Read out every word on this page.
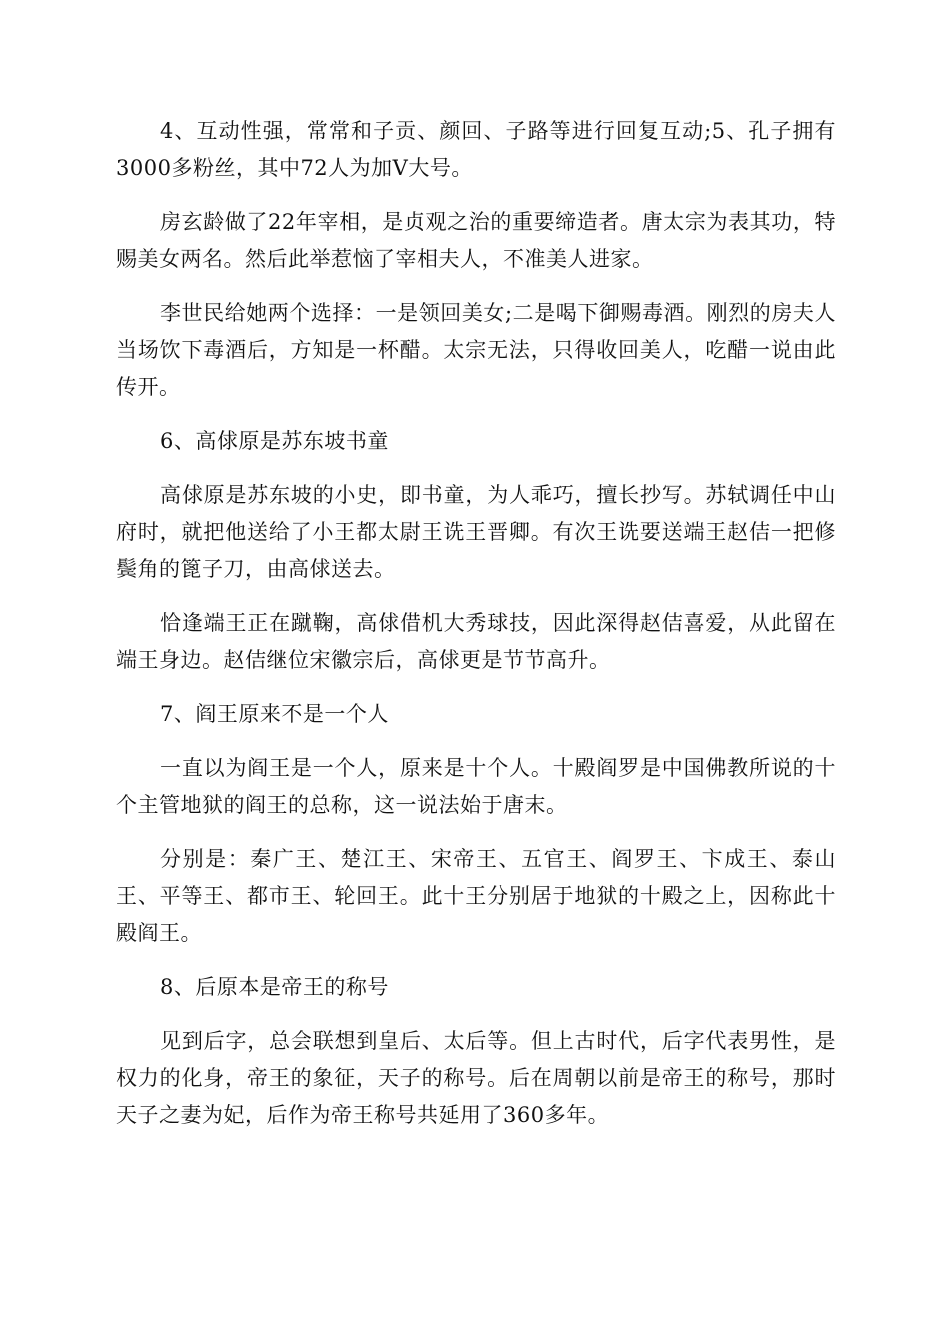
4、互动性强，常常和子贡、颜回、子路等进行回复互动;5、孔子拥有3000多粉丝，其中72人为加V大号。

房玄龄做了22年宰相，是贞观之治的重要缔造者。唐太宗为表其功，特赐美女两名。然后此举惹恼了宰相夫人，不准美人进家。

李世民给她两个选择：一是领回美女;二是喝下御赐毒酒。刚烈的房夫人当场饮下毒酒后，方知是一杯醋。太宗无法，只得收回美人，吃醋一说由此传开。

6、高俅原是苏东坡书童

高俅原是苏东坡的小史，即书童，为人乖巧，擅长抄写。苏轼调任中山府时，就把他送给了小王都太尉王诜王晋卿。有次王诜要送端王赵佶一把修鬓角的篦子刀，由高俅送去。

恰逢端王正在蹴鞠，高俅借机大秀球技，因此深得赵佶喜爱，从此留在端王身边。赵佶继位宋徽宗后，高俅更是节节高升。

7、阎王原来不是一个人

一直以为阎王是一个人，原来是十个人。十殿阎罗是中国佛教所说的十个主管地狱的阎王的总称，这一说法始于唐末。

分别是：秦广王、楚江王、宋帝王、五官王、阎罗王、卞成王、泰山王、平等王、都市王、轮回王。此十王分别居于地狱的十殿之上，因称此十殿阎王。

8、后原本是帝王的称号

见到后字，总会联想到皇后、太后等。但上古时代，后字代表男性，是权力的化身，帝王的象征，天子的称号。后在周朝以前是帝王的称号，那时天子之妻为妃，后作为帝王称号共延用了360多年。
